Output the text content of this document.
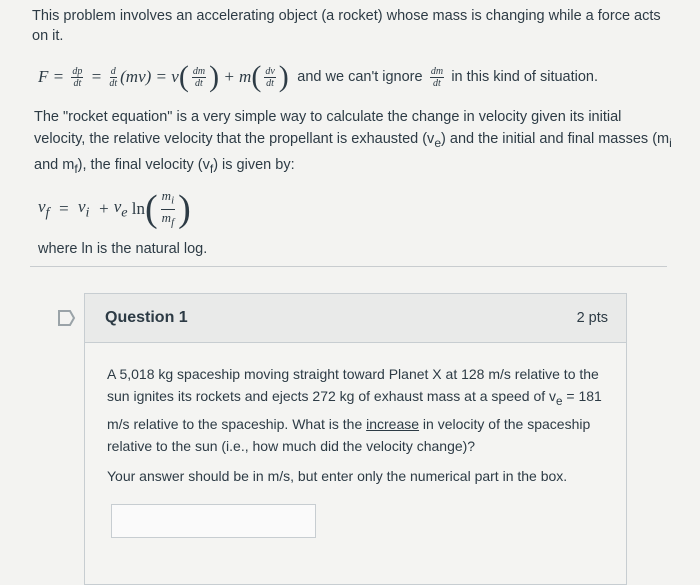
This problem involves an accelerating object (a rocket) whose mass is changing while a force acts on it.
$F = \frac{dp}{dt} = \frac{d}{dt} (mv) = v$ ( $\frac{dm}{dt}$ ) + m ( $\frac{dv}{dt}$ )
and we can't ignore
$\frac{dm}{dt}$
in this kind of situation.
The "rocket equation" is a very simple way to calculate the change in velocity given its initial velocity, the relative velocity that the propellant is exhausted $(v_e)$ and the initial and final masses ($m_i$ and $m_f$), the final velocity $(v_f)$ is given by:
$v_f = v_i + v_e$
ln ( $\frac{m_i}{m_f}$ )
where ln is the natural log.
Question 1	2 pts

A 5,018 kg spaceship moving straight toward Planet X at 128 m/s relative to the sun ignites its rockets and ejects 272 kg of exhaust mass at a speed of $v_e = 181$ m/s relative to the spaceship. What is the increase in velocity of the spaceship relative to the sun (i.e., how much did the velocity change)?

Your answer should be in m/s, but enter only the numerical part in the box.
